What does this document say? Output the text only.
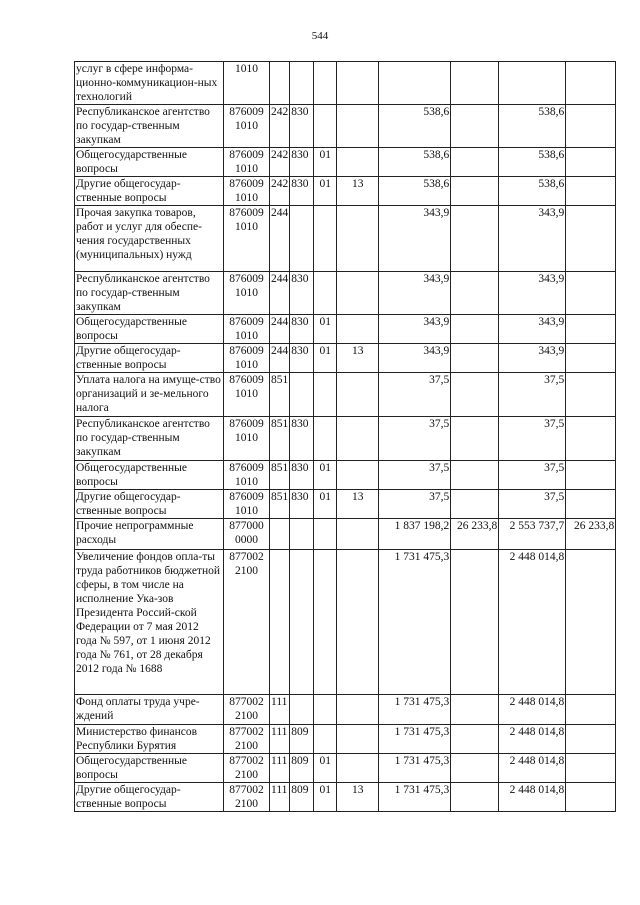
544
услуг в сфере информа-ционно-коммуникацион-ных технологий	1010								
Республиканское агентство по государ-ственным закупкам	876009 1010	242	830			538,6		538,6	
Общегосударственные вопросы	876009 1010	242	830	01		538,6		538,6	
Другие общегосудар-ственные вопросы	876009 1010	242	830	01	13	538,6		538,6	
Прочая закупка товаров, работ и услуг для обеспе-чения государственных (муниципальных) нужд	876009 1010	244				343,9		343,9	
Республиканское агентство по государ-ственным закупкам	876009 1010	244	830			343,9		343,9	
Общегосударственные вопросы	876009 1010	244	830	01		343,9		343,9	
Другие общегосудар-ственные вопросы	876009 1010	244	830	01	13	343,9		343,9	
Уплата налога на имуще-ство организаций и зе-мельного налога	876009 1010	851				37,5		37,5	
Республиканское агентство по государ-ственным закупкам	876009 1010	851	830			37,5		37,5	
Общегосударственные вопросы	876009 1010	851	830	01		37,5		37,5	
Другие общегосудар-ственные вопросы	876009 1010	851	830	01	13	37,5		37,5	
Прочие непрограммные расходы	877000 0000					1 837 198,2	26 233,8	2 553 737,7	26 233,8
Увеличение фондов опла-ты труда работников бюджетной сферы, в том числе на исполнение Ука-зов Президента Россий-ской Федерации от 7 мая 2012 года № 597, от 1 июня 2012 года № 761, от 28 декабря 2012 года № 1688	877002 2100					1 731 475,3		2 448 014,8	
Фонд оплаты труда учре-ждений	877002 2100	111				1 731 475,3		2 448 014,8	
Министерство финансов Республики Бурятия	877002 2100	111	809			1 731 475,3		2 448 014,8	
Общегосударственные вопросы	877002 2100	111	809	01		1 731 475,3		2 448 014,8	
Другие общегосудар-ственные вопросы	877002 2100	111	809	01	13	1 731 475,3		2 448 014,8	
